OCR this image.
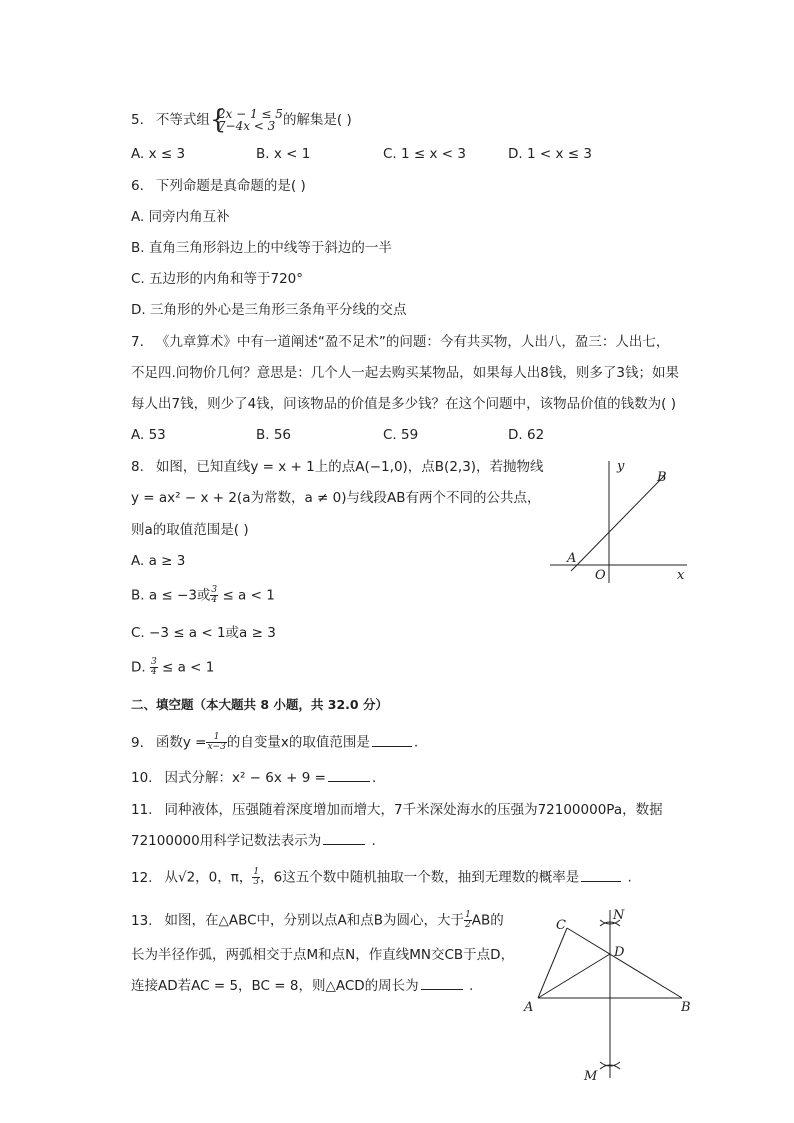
5. 不等式组 {
2x − 1 ≤ 5
7−4x < 3 的解集是( )
A. x ≤ 3	B. x < 1	C. 1 ≤ x < 3	D. 1 < x ≤ 3
6. 下列命题是真命题的是( )
A. 同旁内角互补
B. 直角三角形斜边上的中线等于斜边的一半
C. 五边形的内角和等于720°
D. 三角形的外心是三角形三条角平分线的交点
7. 《九章算术》中有一道阐述“盈不足术”的问题：今有共买物，人出八，盈三：人出七，
不足四.问物价几何？意思是：几个人一起去购买某物品，如果每人出8钱，则多了3钱；如果
每人出7钱，则少了4钱，问该物品的价值是多少钱？在这个问题中，该物品价值的钱数为( )
A. 53	B. 56	C. 59	D. 62
8. 如图，已知直线y = x + 1上的点A(−1,0)，点B(2,3)，若抛物线
y = ax² − x + 2(a为常数，a ≠ 0)与线段AB有两个不同的公共点，
则a的取值范围是( )
A. a ≥ 3
B. a ≤ −3或 $\frac{3}{4} \le a < 1$
C. −3 ≤ a < 1或a ≥ 3
D. $\frac{3}{4} \le a < 1$
y
B
A
O	x
二、填空题（本大题共 8 小题，共 32.0 分）
9. 函数$y = \frac{1}{x-3}$ 的自变量x的取值范围是	.
10. 因式分解：x² − 6x + 9 =	.
11. 同种液体，压强随着深度增加而增大，7千米深处海水的压强为72100000Pa，数据
72100000用科学记数法表示为	.
12. 从√2，0，π， $\frac{1}{3}$ ，6这五个数中随机抽取一个数，抽到无理数的概率是	.
13. 如图，在△ABC中，分别以点A和点B为圆心，大于 $\frac{1}{2}$ AB的
长为半径作弧，两弧相交于点M和点N，作直线MN交CB于点D，
连接AD若AC = 5，BC = 8，则△ACD的周长为	.
C
N
D
A	B
M
